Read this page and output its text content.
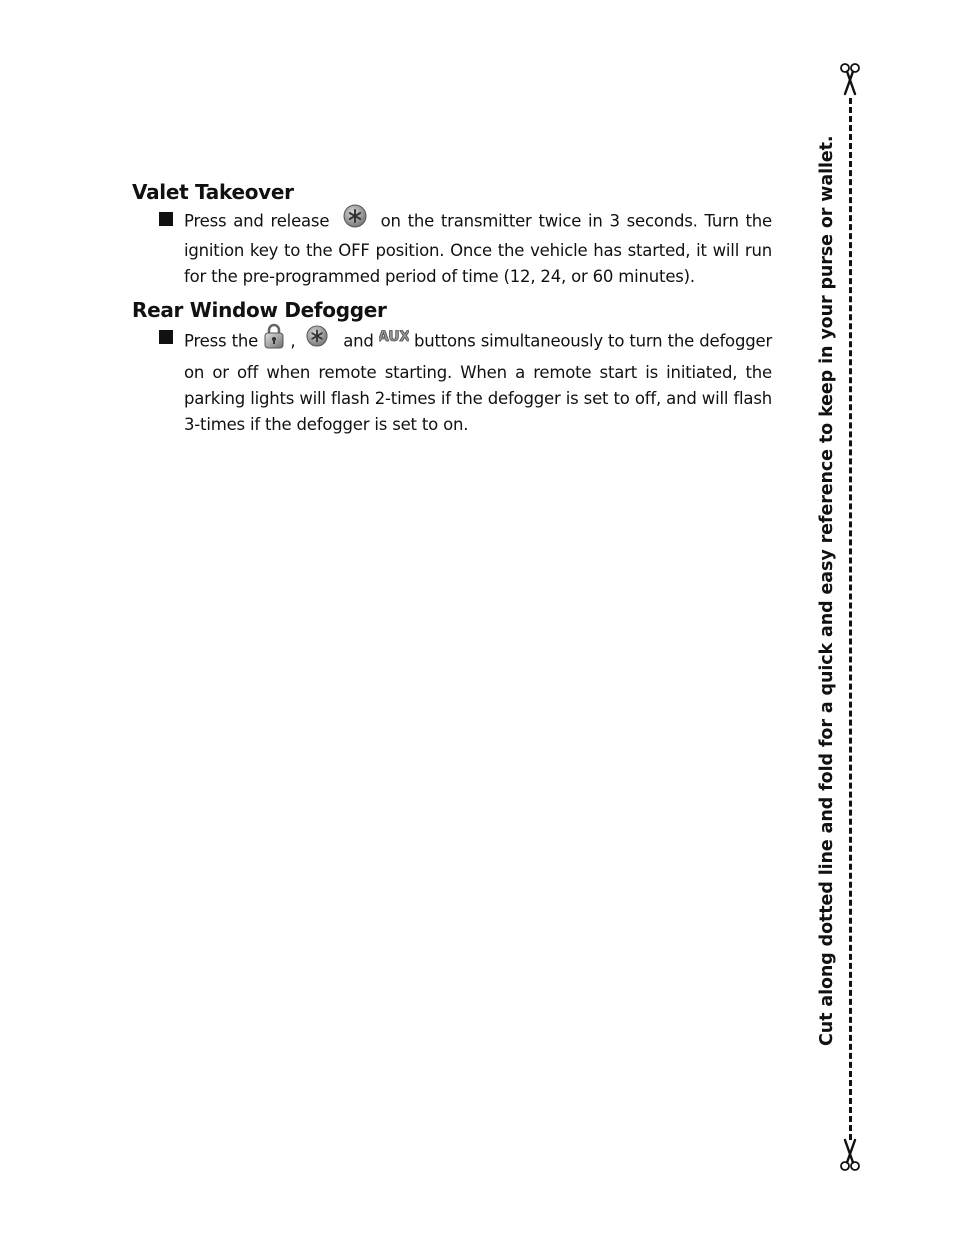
Valet Takeover

Press and release	on the transmitter twice in 3 seconds. Turn the ignition key to the OFF position. Once the vehicle has started, it will run for the pre-programmed period of time (12, 24, or 60 minutes).

Rear Window Defogger

Press the ,	and AUX buttons simultaneously to turn the defogger on or off when remote starting. When a remote start is initiated, the parking lights will flash 2-times if the defogger is set to off, and will flash 3-times if the defogger is set to on.	Cut along dotted line and fold for a quick and easy reference to keep in your purse or wallet.
